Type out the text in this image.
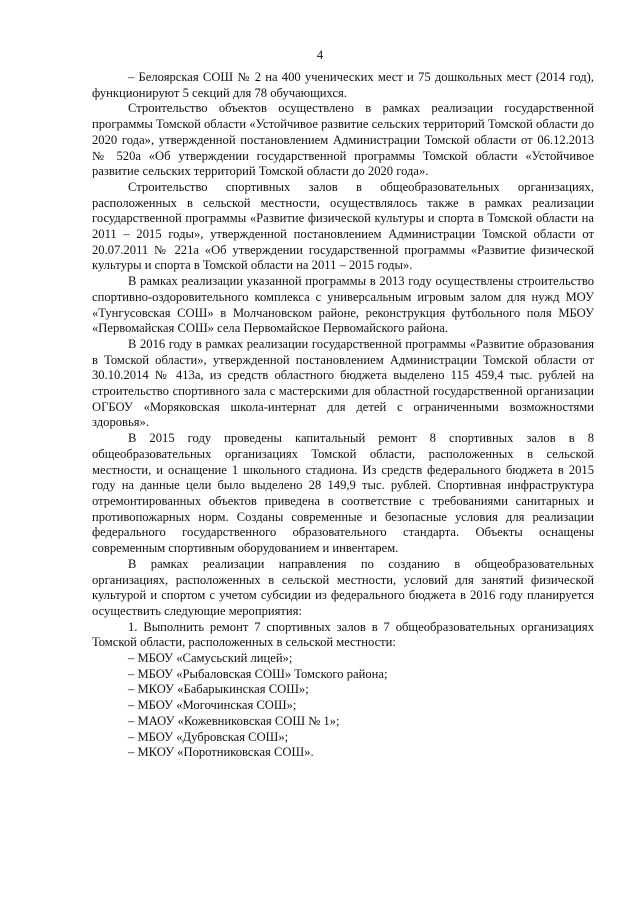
4

– Белоярская СОШ № 2 на 400 ученических мест и 75 дошкольных мест (2014 год), функционируют 5 секций для 78 обучающихся.

Строительство объектов осуществлено в рамках реализации государственной программы Томской области «Устойчивое развитие сельских территорий Томской области до 2020 года», утвержденной постановлением Администрации Томской области от 06.12.2013 № 520а «Об утверждении государственной программы Томской области «Устойчивое развитие сельских территорий Томской области до 2020 года».

Строительство спортивных залов в общеобразовательных организациях, расположенных в сельской местности, осуществлялось также в рамках реализации государственной программы «Развитие физической культуры и спорта в Томской области на 2011 – 2015 годы», утвержденной постановлением Администрации Томской области от 20.07.2011 № 221а «Об утверждении государственной программы «Развитие физической культуры и спорта в Томской области на 2011 – 2015 годы».

В рамках реализации указанной программы в 2013 году осуществлены строительство спортивно-оздоровительного комплекса с универсальным игровым залом для нужд МОУ «Тунгусовская СОШ» в Молчановском районе, реконструкция футбольного поля МБОУ «Первомайская СОШ» села Первомайское Первомайского района.

В 2016 году в рамках реализации государственной программы «Развитие образования в Томской области», утвержденной постановлением Администрации Томской области от 30.10.2014 № 413а, из средств областного бюджета выделено 115 459,4 тыс. рублей на строительство спортивного зала с мастерскими для областной государственной организации ОГБОУ «Моряковская школа-интернат для детей с ограниченными возможностями здоровья».

В 2015 году проведены капитальный ремонт 8 спортивных залов в 8 общеобразовательных организациях Томской области, расположенных в сельской местности, и оснащение 1 школьного стадиона. Из средств федерального бюджета в 2015 году на данные цели было выделено 28 149,9 тыс. рублей. Спортивная инфраструктура отремонтированных объектов приведена в соответствие с требованиями санитарных и противопожарных норм. Созданы современные и безопасные условия для реализации федерального государственного образовательного стандарта. Объекты оснащены современным спортивным оборудованием и инвентарем.

В рамках реализации направления по созданию в общеобразовательных организациях, расположенных в сельской местности, условий для занятий физической культурой и спортом с учетом субсидии из федерального бюджета в 2016 году планируется осуществить следующие мероприятия:

1. Выполнить ремонт 7 спортивных залов в 7 общеобразовательных организациях Томской области, расположенных в сельской местности:

– МБОУ «Самусьский лицей»;

– МБОУ «Рыбаловская СОШ» Томского района;

– МКОУ «Бабарыкинская СОШ»;

– МБОУ «Могочинская СОШ»;

– МАОУ «Кожевниковская СОШ № 1»;

– МБОУ «Дубровская СОШ»;

– МКОУ «Поротниковская СОШ».
